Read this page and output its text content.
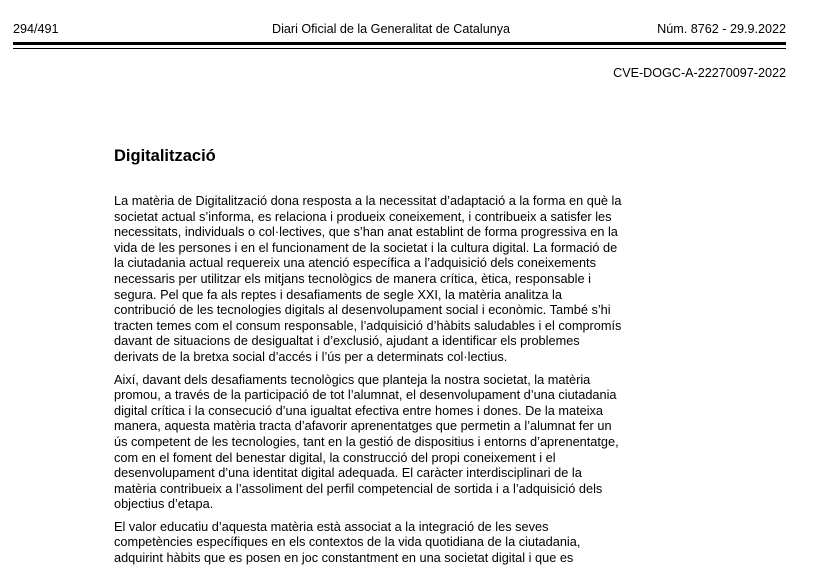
294/491	Diari Oficial de la Generalitat de Catalunya	Núm. 8762 - 29.9.2022
CVE-DOGC-A-22270097-2022
Digitalització

La matèria de Digitalització dona resposta a la necessitat d’adaptació a la forma en què la
societat actual s’informa, es relaciona i produeix coneixement, i contribueix a satisfer les
necessitats, individuals o col·lectives, que s’han anat establint de forma progressiva en la
vida de les persones i en el funcionament de la societat i la cultura digital. La formació de
la ciutadania actual requereix una atenció específica a l’adquisició dels coneixements
necessaris per utilitzar els mitjans tecnològics de manera crítica, ètica, responsable i
segura. Pel que fa als reptes i desafiaments de segle XXI, la matèria analitza la
contribució de les tecnologies digitals al desenvolupament social i econòmic. També s’hi
tracten temes com el consum responsable, l’adquisició d’hàbits saludables i el compromís
davant de situacions de desigualtat i d’exclusió, ajudant a identificar els problemes
derivats de la bretxa social d’accés i l’ús per a determinats col·lectius.

Així, davant dels desafiaments tecnològics que planteja la nostra societat, la matèria
promou, a través de la participació de tot l’alumnat, el desenvolupament d’una ciutadania
digital crítica i la consecució d’una igualtat efectiva entre homes i dones. De la mateixa
manera, aquesta matèria tracta d’afavorir aprenentatges que permetin a l’alumnat fer un
ús competent de les tecnologies, tant en la gestió de dispositius i entorns d’aprenentatge,
com en el foment del benestar digital, la construcció del propi coneixement i el
desenvolupament d’una identitat digital adequada. El caràcter interdisciplinari de la
matèria contribueix a l’assoliment del perfil competencial de sortida i a l’adquisició dels
objectius d’etapa.

El valor educatiu d’aquesta matèria està associat a la integració de les seves
competències específiques en els contextos de la vida quotidiana de la ciutadania,
adquirint hàbits que es posen en joc constantment en una societat digital i que es
